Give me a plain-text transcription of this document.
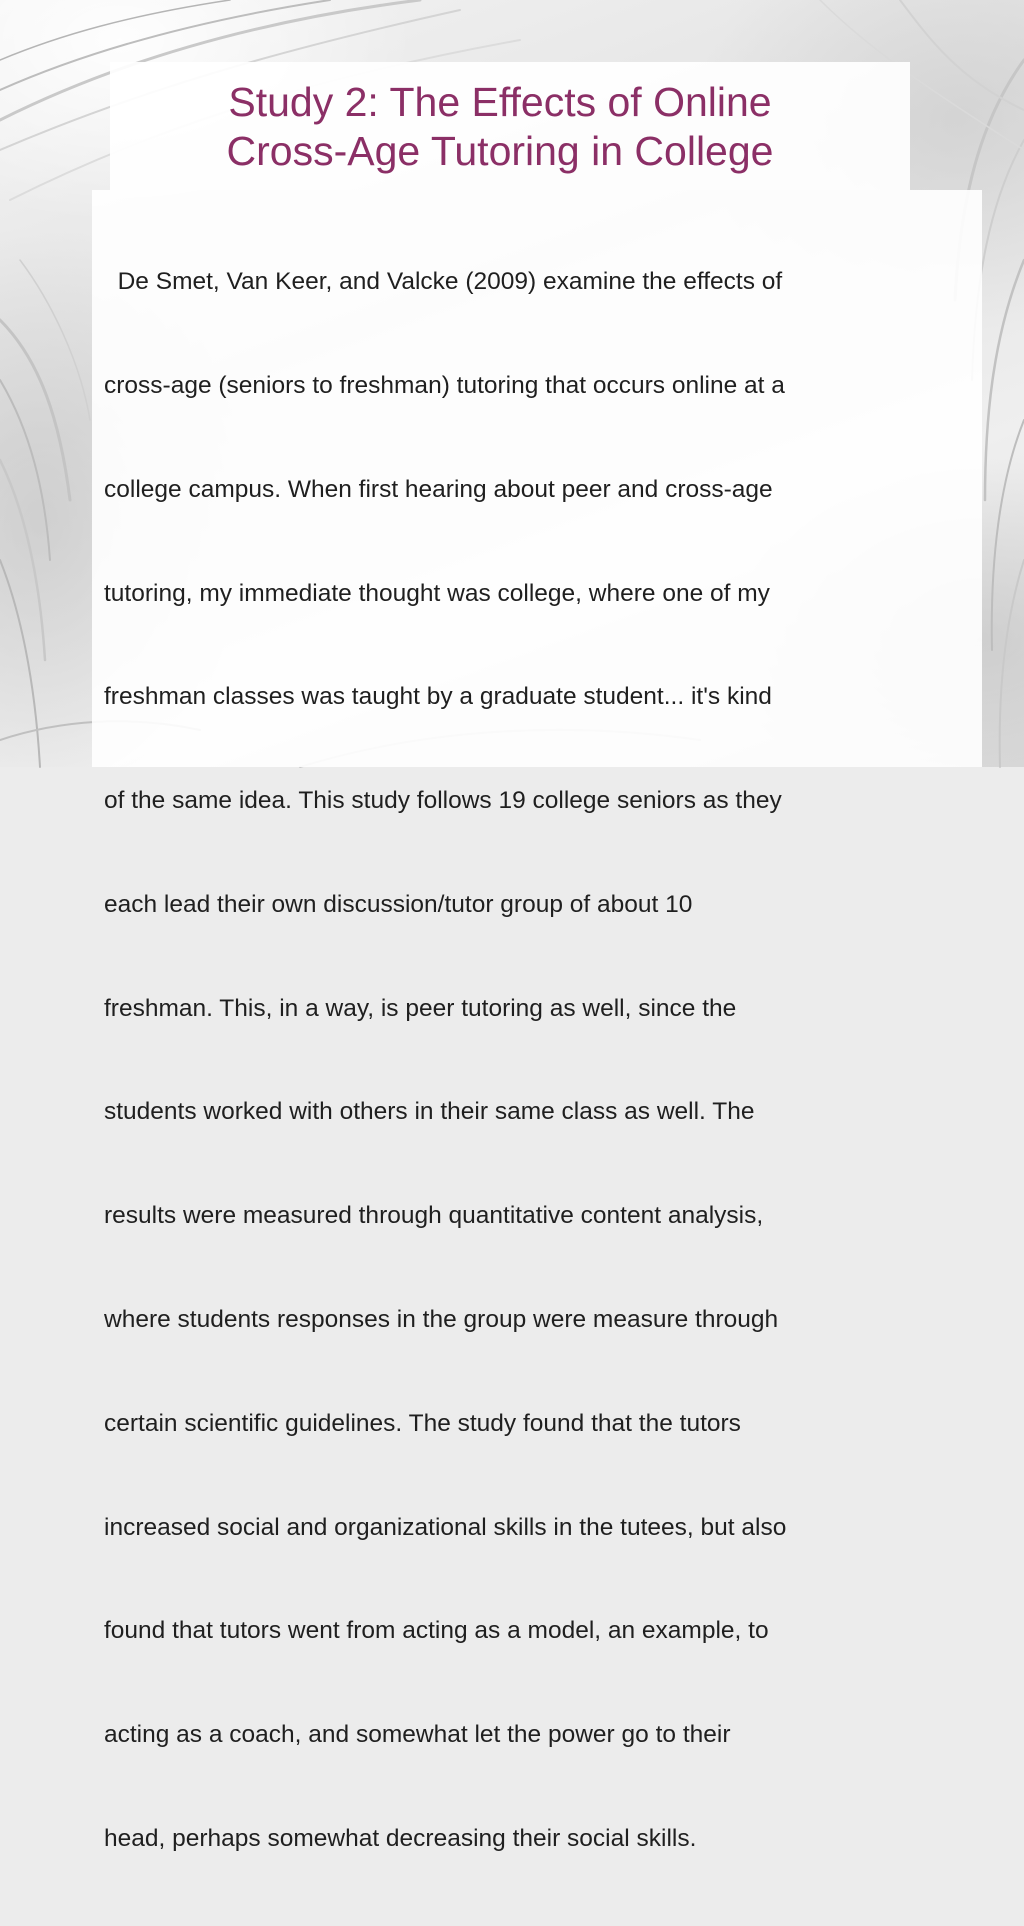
Study 2: The Effects of Online
Cross-Age Tutoring in College

De Smet, Van Keer, and Valcke (2009) examine the effects of

cross-age (seniors to freshman) tutoring that occurs online at a

college campus. When first hearing about peer and cross-age

tutoring, my immediate thought was college, where one of my

freshman classes was taught by a graduate student... it's kind

of the same idea. This study follows 19 college seniors as they

each lead their own discussion/tutor group of about 10

freshman. This, in a way, is peer tutoring as well, since the

students worked with others in their same class as well. The

results were measured through quantitative content analysis,

where students responses in the group were measure through

certain scientific guidelines. The study found that the tutors

increased social and organizational skills in the tutees, but also

found that tutors went from acting as a model, an example, to

acting as a coach, and somewhat let the power go to their

head, perhaps somewhat decreasing their social skills.
